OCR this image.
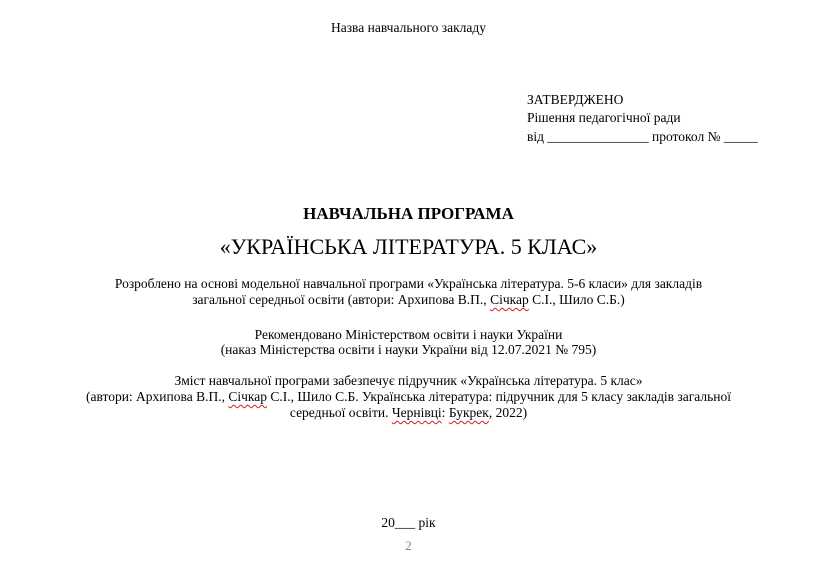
Назва навчального закладу
ЗАТВЕРДЖЕНО
Рішення педагогічної ради
від _______________ протокол № _____
НАВЧАЛЬНА ПРОГРАМА
«УКРАЇНСЬКА ЛІТЕРАТУРА. 5 КЛАС»
Розроблено на основі модельної навчальної програми «Українська література. 5-6 класи» для закладів
загальної середньої освіти (автори: Архипова В.П., Січкар С.І., Шило С.Б.)
Рекомендовано Міністерством освіти і науки України
(наказ Міністерства освіти і науки України від 12.07.2021 № 795)
Зміст навчальної програми забезпечує підручник «Українська література. 5 клас»
(автори: Архипова В.П., Січкар С.І., Шило С.Б. Українська література: підручник для 5 класу закладів загальної
середньої освіти. Чернівці: Букрек, 2022)
20___ рік
2
